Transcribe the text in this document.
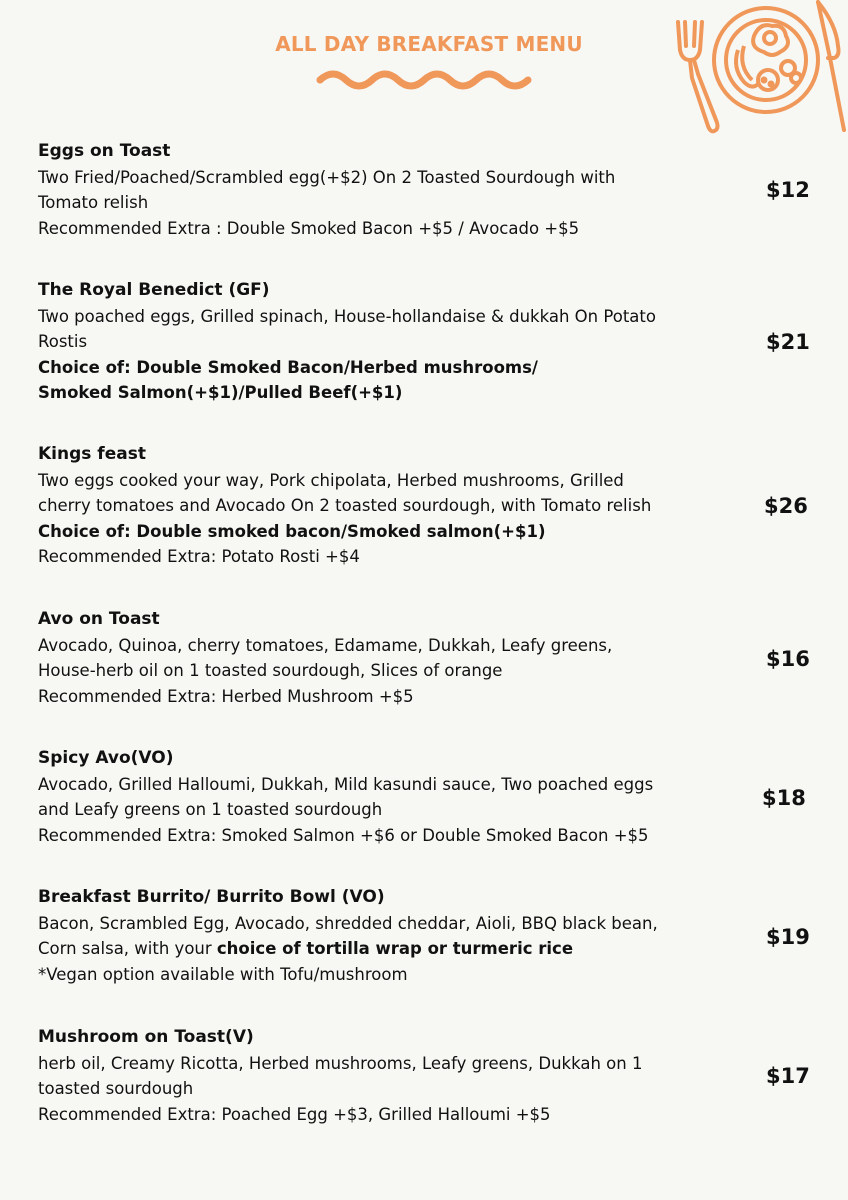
ALL DAY BREAKFAST MENU
Eggs on Toast
Two Fried/Poached/Scrambled egg(+$2) On 2 Toasted Sourdough with
Tomato relish
Recommended Extra : Double Smoked Bacon +$5 / Avocado +$5
$12
The Royal Benedict (GF)
Two poached eggs, Grilled spinach, House-hollandaise & dukkah On Potato
Rostis
Choice of: Double Smoked Bacon/Herbed mushrooms/
Smoked Salmon(+$1)/Pulled Beef(+$1)
$21
Kings feast
Two eggs cooked your way, Pork chipolata, Herbed mushrooms, Grilled
cherry tomatoes and Avocado On 2 toasted sourdough, with Tomato relish
Choice of: Double smoked bacon/Smoked salmon(+$1)
Recommended Extra: Potato Rosti +$4
$26
Avo on Toast
Avocado, Quinoa, cherry tomatoes, Edamame, Dukkah, Leafy greens,
House-herb oil on 1 toasted sourdough, Slices of orange
Recommended Extra: Herbed Mushroom +$5
$16
Spicy Avo(VO)
Avocado, Grilled Halloumi, Dukkah, Mild kasundi sauce, Two poached eggs
and Leafy greens on 1 toasted sourdough
Recommended Extra: Smoked Salmon +$6 or Double Smoked Bacon +$5
$18
Breakfast Burrito/ Burrito Bowl (VO)
Bacon, Scrambled Egg, Avocado, shredded cheddar, Aioli, BBQ black bean,
Corn salsa, with your choice of tortilla wrap or turmeric rice
*Vegan option available with Tofu/mushroom
$19
Mushroom on Toast(V)
herb oil, Creamy Ricotta, Herbed mushrooms, Leafy greens, Dukkah on 1
toasted sourdough
Recommended Extra: Poached Egg +$3, Grilled Halloumi +$5
$17
